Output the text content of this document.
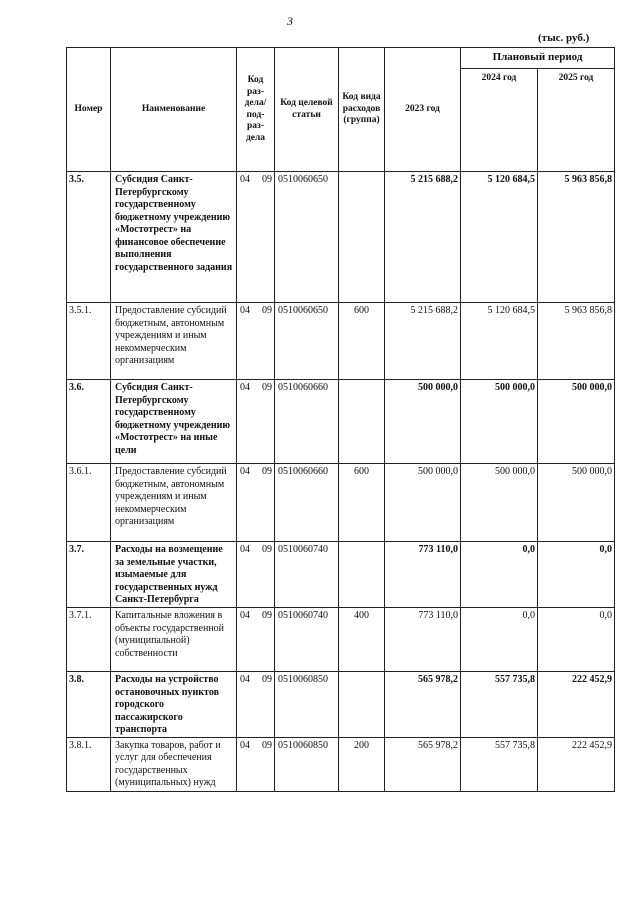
3
(тыс. руб.)
Номер	Наименование	Код раз- дела/ под- раз- дела	Код целевой статьи	Код вида расходов (группа)	2023 год	Плановый период	
						2024 год	2025 год
3.5.	Субсидия Санкт-Петербургскому государственному бюджетному учреждению «Мостотрест» на финансовое обеспечение выполнения государственного задания	04 09	0510060650		5 215 688,2	5 120 684,5	5 963 856,8
3.5.1.	Предоставление субсидий бюджетным, автономным учреждениям и иным некоммерческим организациям	04 09	0510060650	600	5 215 688,2	5 120 684,5	5 963 856,8
3.6.	Субсидия Санкт-Петербургскому государственному бюджетному учреждению «Мостотрест» на иные цели	04 09	0510060660		500 000,0	500 000,0	500 000,0
3.6.1.	Предоставление субсидий бюджетным, автономным учреждениям и иным некоммерческим организациям	04 09	0510060660	600	500 000,0	500 000,0	500 000,0
3.7.	Расходы на возмещение за земельные участки, изымаемые для государственных нужд Санкт-Петербурга	04 09	0510060740		773 110,0	0,0	0,0
3.7.1.	Капитальные вложения в объекты государственной (муниципальной) собственности	04 09	0510060740	400	773 110,0	0,0	0,0
3.8.	Расходы на устройство остановочных пунктов городского пассажирского транспорта	04 09	0510060850		565 978,2	557 735,8	222 452,9
3.8.1.	Закупка товаров, работ и услуг для обеспечения государственных (муниципальных) нужд	04 09	0510060850	200	565 978,2	557 735,8	222 452,9
